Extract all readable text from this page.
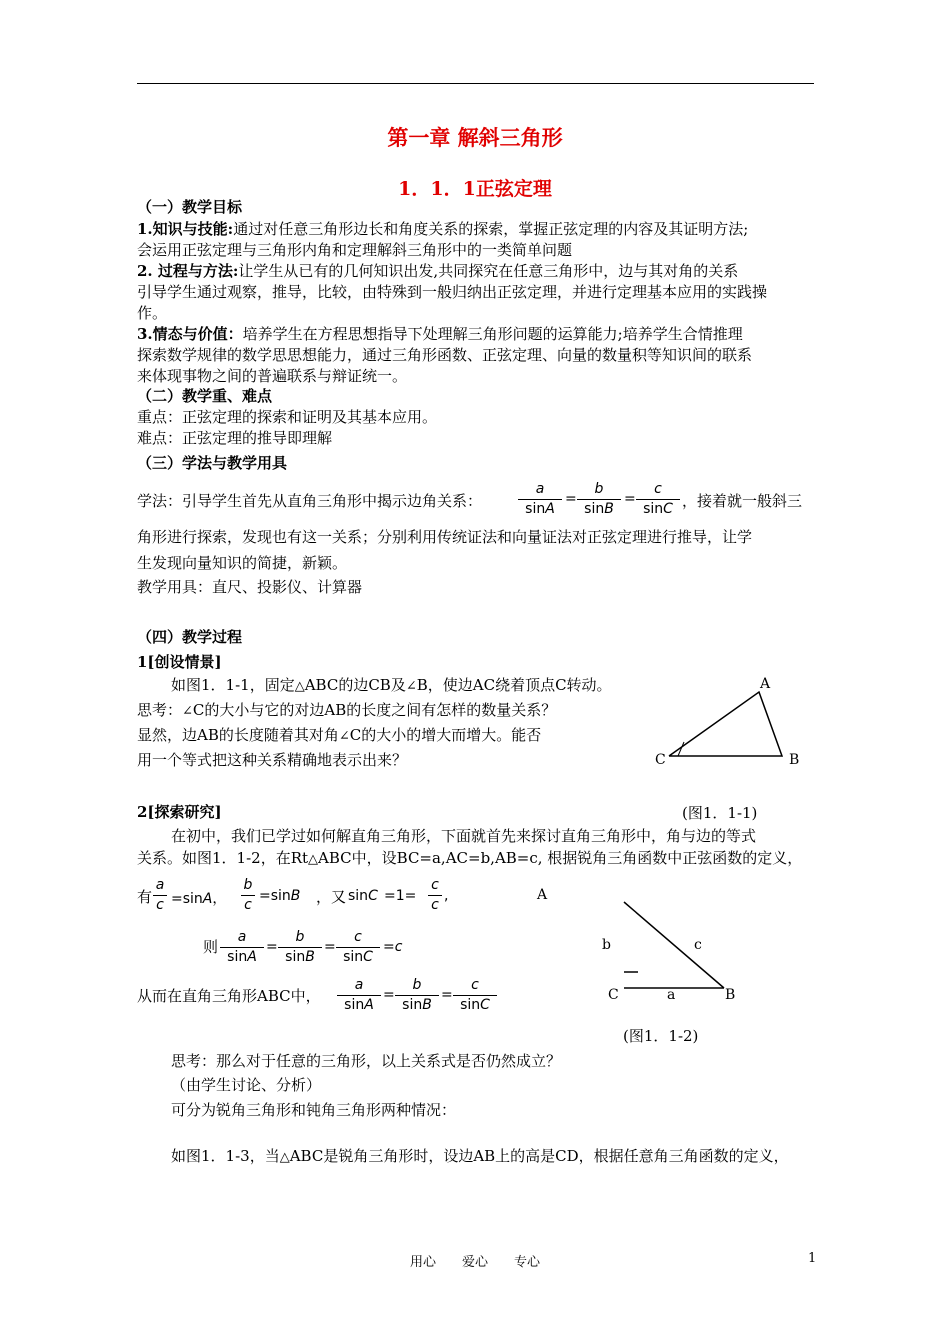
第一章 解斜三角形
1．1．1正弦定理
（一）教学目标
1.知识与技能:通过对任意三角形边长和角度关系的探索，掌握正弦定理的内容及其证明方法;
会运用正弦定理与三角形内角和定理解斜三角形中的一类简单问题
2. 过程与方法:让学生从已有的几何知识出发,共同探究在任意三角形中，边与其对角的关系
引导学生通过观察，推导，比较，由特殊到一般归纳出正弦定理，并进行定理基本应用的实践操
作。
3.情态与价值：培养学生在方程思想指导下处理解三角形问题的运算能力;培养学生合情推理
探索数学规律的数学思思想能力，通过三角形函数、正弦定理、向量的数量积等知识间的联系
来体现事物之间的普遍联系与辩证统一。
（二）教学重、难点
重点：正弦定理的探索和证明及其基本应用。
难点：正弦定理的推导即理解
（三）学法与教学用具
学法：引导学生首先从直角三角形中揭示边角关系：
a
sinA
=
b
sinB
=
c
sinC ，接着就一般斜三
角形进行探索，发现也有这一关系；分别利用传统证法和向量证法对正弦定理进行推导，让学
生发现向量知识的简捷，新颖。
教学用具：直尺、投影仪、计算器
（四）教学过程
1[创设情景]
如图1．1-1，固定△ABC的边CB及∠B，使边AC绕着顶点C转动。
思考：∠C的大小与它的对边AB的长度之间有怎样的数量关系？
显然，边AB的长度随着其对角∠C的大小的增大而增大。能否
用一个等式把这种关系精确地表示出来？
A
C	B
2[探索研究]	(图1．1-1)
在初中，我们已学过如何解直角三角形，下面就首先来探讨直角三角形中，角与边的等式
关系。如图1．1-2，在Rt△ABC中，设BC=a,AC=b,AB=c, 根据锐角三角函数中正弦函数的定义，
有
a
c =sinA，
b
c
=sinB ，又 sinC =1=
c
c
,
则
a
sinA
=
b
sinB
=
c
sinC
=c
从而在直角三角形ABC中，
a
sinA
=
b
sinB
=
c
sinC
A
b	c
C	a	B
(图1．1-2)
思考：那么对于任意的三角形，以上关系式是否仍然成立？
（由学生讨论、分析）
可分为锐角三角形和钝角三角形两种情况：
如图1．1-3，当△ABC是锐角三角形时，设边AB上的高是CD，根据任意角三角函数的定义，
用心　　爱心　　专心	1
